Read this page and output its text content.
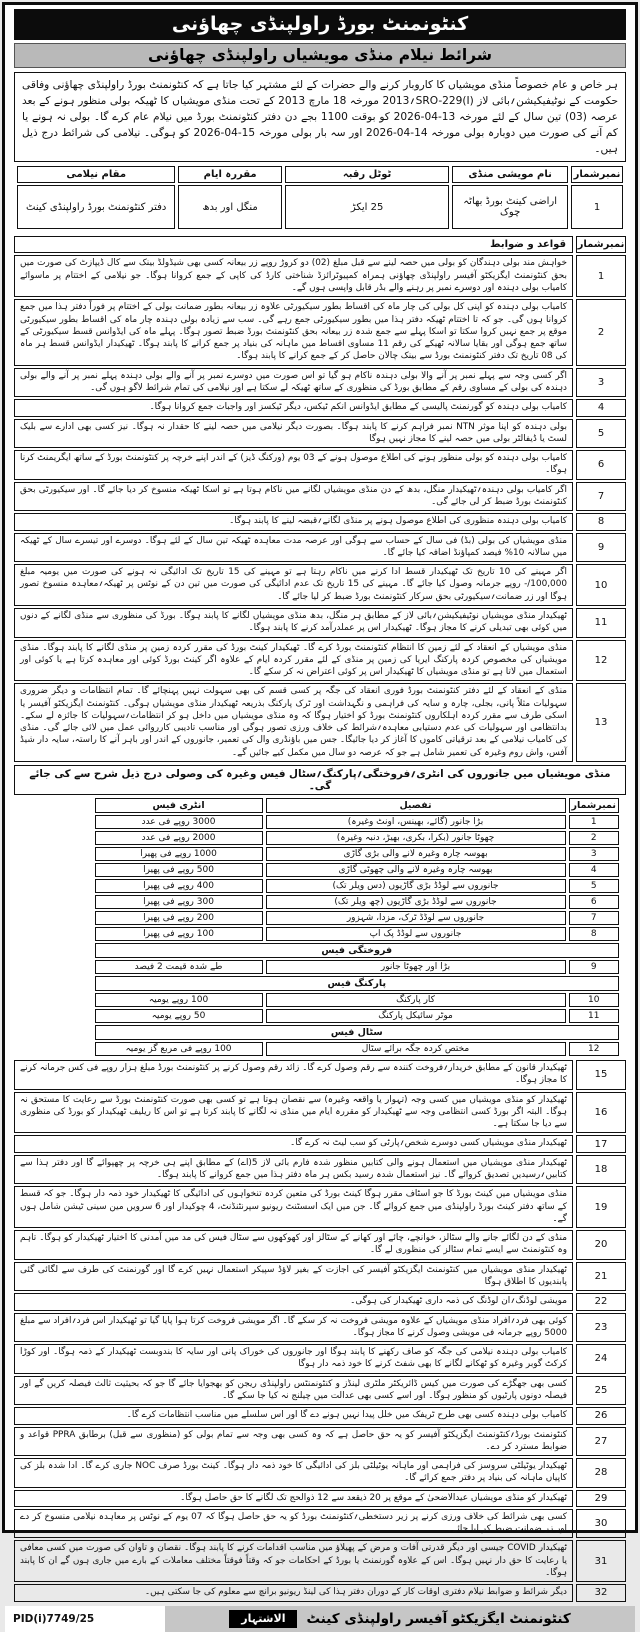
کنٹونمنٹ بورڈ راولپنڈی چھاؤنی
شرائط نیلام منڈی مویشیاں راولپنڈی چھاؤنی
ہر خاص و عام خصوصاً منڈی مویشیاں کا کاروبار کرنے والے حضرات کے لئے مشتہر کیا جاتا ہے کہ کنٹونمنٹ بورڈ راولپنڈی چھاؤنی وفاقی حکومت کے نوٹیفیکیشن؍بائی لاز SRO-229(I)؍2013 مورخہ 18 مارچ 2013 کے تحت منڈی مویشیاں کا ٹھیکہ بولی منظور ہونے کے بعد عرصہ (03) تین سال کے لئے مورخہ 13-04-2026 کو بوقت 1100 بجے دن دفتر کنٹونمنٹ بورڈ میں نیلام عام کرے گا۔ بولی نہ ہونے یا کم آنے کی صورت میں دوبارہ بولی مورخہ 14-04-2026 اور سہ بار بولی مورخہ 15-04-2026 کو ہوگی۔ نیلامی کی شرائط درج ذیل ہیں۔
نمبرشمار	نام مویشی منڈی	ٹوٹل رقبہ	مقررہ ایام	مقام نیلامی
1	اراضی کینٹ بورڈ بھاٹہ چوک	25 ایکڑ	منگل اور بدھ	دفتر کنٹونمنٹ بورڈ راولپنڈی کینٹ
نمبرشمار
قواعد و ضوابط
1
خواہش مند بولی دہندگان کو بولی میں حصہ لینے سے قبل مبلغ (02) دو کروڑ روپے زر بیعانہ کسی بھی شیڈولڈ بینک سے کال ڈیپازٹ کی صورت میں بحق کنٹونمنٹ ایگزیکٹو آفیسر راولپنڈی چھاؤنی ہمراہ کمپیوٹرائزڈ شناختی کارڈ کی کاپی کے جمع کروانا ہوگا۔ جو نیلامی کے اختتام پر ماسوائے کامیاب بولی دہندہ اور دوسرے نمبر پر رہنے والے بڈر قابل واپسی ہوں گے۔
2
کامیاب بولی دہندہ کو اپنی کل بولی کی چار ماہ کی اقساط بطور سیکیورٹی علاوہ زر بیعانہ بطور ضمانت بولی کے اختتام پر فوراً دفتر ہذا میں جمع کروانا ہوں گی۔ جو کہ تا اختتام ٹھیکہ دفتر ہذا میں بطور سیکیورٹی جمع رہے گی۔ سب سے زیادہ بولی دہندہ چار ماہ کی اقساط بطور سیکیورٹی موقع پر جمع نہیں کروا سکتا تو اسکا پہلے سے جمع شدہ زر بیعانہ بحق کنٹونمنٹ بورڈ ضبط تصور ہوگا۔ پہلے ماہ کی ایڈوانس قسط سیکیورٹی کے ساتھ جمع ہوگی اور بقایا سالانہ ٹھیکے کی رقم 11 مساوی اقساط میں ماہانہ کی بنیاد پر جمع کرانے کا پابند ہوگا۔ ٹھیکیدار ایڈوانس قسط ہر ماہ کی 08 تاریخ تک دفتر کنٹونمنٹ بورڈ سے بینک چالان حاصل کر کے جمع کرانے کا پابند ہوگا۔
3
اگر کسی وجہ سے پہلے نمبر پر آنے والا بولی دہندہ ناکام ہو گیا تو اس صورت میں دوسرے نمبر پر آنے والے بولی دہندہ پہلے نمبر پر آنے والے بولی دہندہ کی بولی کے مساوی رقم کے مطابق بورڈ کی منظوری کے ساتھ ٹھیکہ لے سکتا ہے اور نیلامی کی تمام شرائط لاگو ہوں گی۔
4
کامیاب بولی دہندہ کو گورنمنٹ پالیسی کے مطابق ایڈوانس انکم ٹیکس، دیگر ٹیکسز اور واجبات جمع کروانا ہوگا۔
5
بولی دہندہ کو اپنا موثر NTN نمبر فراہم کرنے کا پابند ہوگا۔ بصورت دیگر نیلامی میں حصہ لینے کا حقدار نہ ہوگا۔ نیز کسی بھی ادارے سے بلیک لسٹ یا ڈیفالٹر بولی میں حصہ لینے کا مجاز نہیں ہوگا
6
کامیاب بولی دہندہ کو بولی منظور ہونے کی اطلاع موصول ہونے کے 03 یوم (ورکنگ ڈیز) کے اندر اپنے خرچہ پر کنٹونمنٹ بورڈ کے ساتھ ایگریمنٹ کرنا ہوگا۔
7
اگر کامیاب بولی دہندہ؍ٹھیکیدار منگل، بدھ کے دن منڈی مویشیاں لگانے میں ناکام ہوتا ہے تو اسکا ٹھیکہ منسوخ کر دیا جائے گا۔ اور سیکیورٹی بحق کنٹونمنٹ بورڈ ضبط کر لی جائے گی۔
8
کامیاب بولی دہندہ منظوری کی اطلاع موصول ہونے پر منڈی لگانے؍قبضہ لینے کا پابند ہوگا۔
9
منڈی مویشیاں کی بولی (بڈ) فی سال کے حساب سے ہوگی اور عرصہ مدت معاہدہ ٹھیکہ تین سال کے لئے ہوگا۔ دوسرے اور تیسرے سال کے ٹھیکہ میں سالانہ 10% فیصد کمپاؤنڈ اضافہ کیا جائے گا۔
10
اگر مہینے کی 10 تاریخ تک ٹھیکیدار قسط ادا کرنے میں ناکام رہتا ہے تو مہینے کی 15 تاریخ تک ادائیگی نہ ہونے کی صورت میں یومیہ مبلغ 100,000/- روپے جرمانہ وصول کیا جائے گا۔ مہینے کی 15 تاریخ تک عدم ادائیگی کی صورت میں تین دن کے نوٹس پر ٹھیکہ؍معاہدہ منسوخ تصور ہوگا اور زر ضمانت؍سیکیورٹی بحق سرکار کنٹونمنٹ بورڈ ضبط کر لیا جائے گا۔
11
ٹھیکیدار منڈی مویشیاں نوٹیفیکیشن؍بائی لاز کے مطابق ہر منگل، بدھ منڈی مویشیاں لگانے کا پابند ہوگا۔ بورڈ کی منظوری سے منڈی لگانے کے دنوں میں کوئی بھی تبدیلی کرنے کا مجاز ہوگا۔ ٹھیکیدار اس پر عملدرآمد کرنے کا پابند ہوگا۔
12
منڈی مویشیاں کے انعقاد کے لئے زمین کا انتظام کنٹونمنٹ بورڈ کرے گا۔ ٹھیکیدار کینٹ بورڈ کی مقرر کردہ زمین پر منڈی لگانے کا پابند ہوگا۔ منڈی مویشیاں کی مخصوص کردہ پارکنگ ایریا کی زمین پر منڈی کے لئے مقرر کردہ ایام کے علاوہ اگر کینٹ بورڈ کوئی اور معاہدہ کرتا ہے یا کوئی اور استعمال میں لاتا ہے تو منڈی مویشیاں کا ٹھیکیدار اس پر کوئی اعتراض نہ کر سکے گا۔
13
منڈی کے انعقاد کے لئے دفتر کنٹونمنٹ بورڈ فوری انعقاد کی جگہ پر کسی قسم کی بھی سہولت نہیں پہنچائے گا۔ تمام انتظامات و دیگر ضروری سہولیات مثلاً پانی، بجلی، چارہ و سایہ کی فراہمی و نگہداشت اور ٹرک پارکنگ بذریعہ ٹھیکیدار منڈی مویشیاں ہوگی۔ کنٹونمنٹ ایگزیکٹو آفیسر یا اسکی طرف سے مقرر کردہ اہلکاروں کنٹونمنٹ بورڈ کو اختیار ہوگا کہ وہ منڈی مویشیاں میں داخل ہو کر انتظامات؍سہولیات کا جائزہ لے سکے۔ بدانتظامی اور سہولیات کی عدم دستیابی معاہدہ؍شرائط کی خلاف ورزی تصور ہوگی اور مناسب تادیبی کارروائی عمل میں لائی جائے گی۔ منڈی کی کامیاب نیلامی کے بعد ترقیاتی کاموں کا آغاز کر دیا جائیگا۔ جس میں باؤنڈری وال کی تعمیر، جانوروں کے اندر اور باہر آنے کا راستہ، سایہ دار شیڈ آفس، واش روم وغیرہ کی تعمیر شامل ہے جو کہ عرصہ دو سال میں مکمل کیے جائیں گے۔
منڈی مویشیاں میں جانوروں کی انٹری؍فروختگی؍پارکنگ؍سٹال فیس وغیرہ کی وصولی درج ذیل شرح سے کی جائے گی۔
نمبرشمار	تفصیل	انٹری فیس
1	بڑا جانور (گائے، بھینس، اونٹ وغیرہ)	3000 روپے فی عدد
2	چھوٹا جانور (بکرا، بکری، بھیڑ، دنبہ وغیرہ)	2000 روپے فی عدد
3	بھوسہ چارہ وغیرہ لانے والی بڑی گاڑی	1000 روپے فی پھیرا
4	بھوسہ چارہ وغیرہ لانے والی چھوٹی گاڑی	500 روپے فی پھیرا
5	جانوروں سے لوڈڈ بڑی گاڑیوں (دس ویلر تک)	400 روپے فی پھیرا
6	جانوروں سے لوڈڈ بڑی گاڑیوں (چھ ویلر تک)	300 روپے فی پھیرا
7	جانوروں سے لوڈڈ ٹرک، مزدا، شہزور	200 روپے فی پھیرا
8	جانوروں سے لوڈڈ پک اپ	100 روپے فی پھیرا
فروختگی فیس		
9	بڑا اور چھوٹا جانور	طے شدہ قیمت 2 فیصد
پارکنگ فیس		
10	کار پارکنگ	100 روپے یومیہ
11	موٹر سائیکل پارکنگ	50 روپے یومیہ
سٹال فیس		
12	مختص کردہ جگہ برائے سٹال	100 روپے فی مربع گز یومیہ
15
ٹھیکیدار قانون کے مطابق خریدار؍فروخت کنندہ سے رقم وصول کرے گا۔ زائد رقم وصول کرنے پر کنٹونمنٹ بورڈ مبلغ ہزار روپے فی کس جرمانہ کرنے کا مجاز ہوگا۔
16
ٹھیکیدار کو منڈی مویشیاں میں کسی وجہ (تہوار یا واقعہ وغیرہ) سے نقصان ہوتا ہے تو کسی بھی صورت کنٹونمنٹ بورڈ سے رعایت کا مستحق نہ ہوگا۔ البتہ اگر بورڈ کسی انتظامی وجہ سے ٹھیکیدار کو مقررہ ایام میں منڈی نہ لگانے کا پابند کرتا ہے تو اس کا ریلیف ٹھیکیدار کو بورڈ کی منظوری سے دیا جا سکتا ہے۔
17
ٹھیکیدار منڈی مویشیاں کسی دوسرے شخص؍پارٹی کو سب لیٹ نہ کرے گا۔
18
ٹھیکیدار منڈی مویشیاں میں استعمال ہونے والی کتابیں منظور شدہ فارم بائی لاز 5(اے) کے مطابق اپنے ہی خرچہ پر چھپوائے گا اور دفتر ہذا سے کتابیں؍رسیدیں تصدیق کروائے گا۔ نیز استعمال شدہ رسید بکس ہر ماہ دفتر ہذا میں جمع کروانے کا پابند ہوگا۔
19
منڈی مویشیاں میں کینٹ بورڈ کا جو اسٹاف مقرر ہوگا کینٹ بورڈ کی متعین کردہ تنخواہوں کی ادائیگی کا ٹھیکیدار خود ذمہ دار ہوگا۔ جو کہ قسط کے ساتھ دفتر کینٹ بورڈ راولپنڈی میں جمع کروائے گا۔ جن میں ایک اسسٹنٹ ریونیو سپرنٹنڈنٹ، 4 چوکیدار اور 6 سرویں مین سینی ٹیشن شامل ہوں گے۔
20
منڈی کے دن لگائے جانے والے سٹالز، خوانچے، چائے اور کھانے کے سٹالز اور کھوکھوں سے سٹال فیس کی مد میں آمدنی کا اختیار ٹھیکیدار کو ہوگا۔ تاہم وہ کنٹونمنٹ سے ایسے تمام سٹالز کی منظوری لے گا۔
21
ٹھیکیدار منڈی مویشیاں میں کنٹونمنٹ ایگزیکٹو آفیسر کی اجازت کے بغیر لاؤڈ سپیکر استعمال نہیں کرے گا اور گورنمنٹ کی طرف سے لگائی گئی پابندیوں کا اطلاق ہوگا
22
مویشی لوڈنگ؍ان لوڈنگ کی ذمہ داری ٹھیکیدار کی ہوگی۔
23
کوئی بھی فرد؍افراد منڈی مویشیاں کے علاوہ مویشی فروخت نہ کر سکے گا۔ اگر مویشی فروخت کرتا ہوا پایا گیا تو ٹھیکیدار اس فرد؍افراد سے مبلغ 5000 روپے جرمانہ فی مویشی وصول کرنے کا مجاز ہوگا۔
24
کامیاب بولی دہندہ نیلامی کی جگہ کو صاف رکھنے کا پابند ہوگا اور جانوروں کی خوراک پانی اور سایہ کا بندوبست ٹھیکیدار کے ذمہ ہوگا۔ اور کوڑا کرکٹ گوبر وغیرہ کو ٹھکانے لگانے کا بھی شفٹ کرنے کا خود ذمہ دار ہوگا
25
کسی بھی جھگڑے کی صورت میں کیس ڈائریکٹر ملٹری لینڈز و کنٹونمنٹس راولپنڈی ریجن کو بھجوایا جائے گا جو کہ بحیثیت ثالث فیصلہ کریں گے اور فیصلہ دونوں پارٹیوں کو منظور ہوگا۔ اور اسے کسی بھی عدالت میں چیلنج نہ کیا جا سکے گا۔
26
کامیاب بولی دہندہ کسی بھی طرح ٹریفک میں خلل پیدا نہیں ہونے دے گا اور اس سلسلے میں مناسب انتظامات کرے گا۔
27
کنٹونمنٹ بورڈ؍کنٹونمنٹ ایگزیکٹو آفیسر کو یہ حق حاصل ہے کہ وہ کسی بھی وجہ سے تمام بولی کو (منظوری سے قبل) برطابق PPRA قواعد و ضوابط مسترد کر دے۔
28
ٹھیکیدار یوٹیلٹی سروسز کی فراہمی اور ماہانہ یوٹیلٹی بلز کی ادائیگی کا خود ذمہ دار ہوگا۔ کینٹ بورڈ صرف NOC جاری کرے گا۔ ادا شدہ بلز کی کاپیاں ماہانہ کی بنیاد پر دفتر جمع کرائے گا۔
29
ٹھیکیدار کو منڈی مویشیاں عیدالاضحیٰ کے موقع پر 20 ذیقعد سے 12 ذوالحج تک لگانے کا حق حاصل ہوگا۔
30
کسی بھی شرائط کی خلاف ورزی کرنے پر زیر دستخطی؍کنٹونمنٹ بورڈ کو یہ حق حاصل ہوگا کہ 07 یوم کے نوٹس پر معاہدہ نیلامی منسوخ کر دے اور زر ضمانت ضبط کر لیا جائے۔
31
ٹھیکیدار COVID جیسی اور دیگر قدرتی آفات و مرض کے پھیلاؤ میں مناسب اقدامات کرنے کا پابند ہوگا۔ نقصان و تاوان کی صورت میں کسی معافی یا رعایت کا حق دار نہیں ہوگا۔ اس کے علاوہ گورنمنٹ یا بورڈ کے احکامات جو کہ وقتاً فوقتاً مختلف معاملات کے بارے میں جاری ہوں گے ان کا پابند ہوگا۔
32
دیگر شرائط و ضوابط نیلام دفتری اوقات کار کے دوران دفتر ہذا کی لینڈ ریونیو برانچ سے معلوم کی جا سکتی ہیں۔
PID(i)7749/25	الاشتہار	کنٹونمنٹ ایگزیکٹو آفیسر راولپنڈی کینٹ
